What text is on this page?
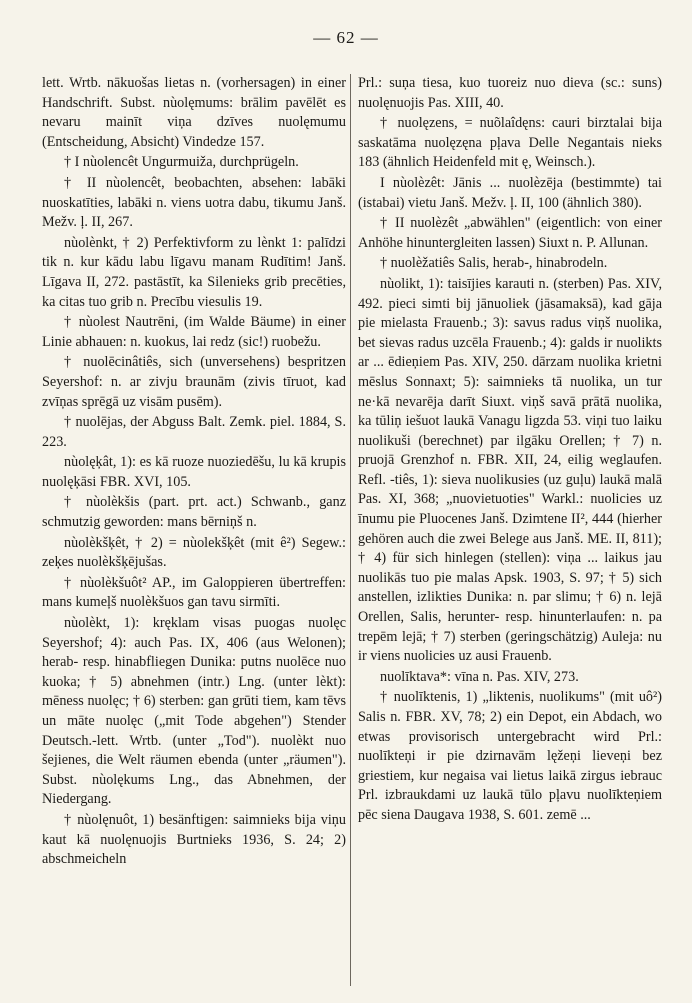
— 62 —

lett. Wrtb. nākuošas lietas n. (vorhersagen) in einer Handschrift. Subst. nùolęmums: brālim pavēlēt es nevaru mainīt viņa dzīves nuolęmumu (Entscheidung, Absicht) Vindedze 157.

† I nùolencêt Ungurmuiža, durchprügeln.

† II nùolencêt, beobachten, absehen: labāki nuoskatīties, labāki n. viens uotra dabu, tikumu Janš. Mežv. ļ. II, 267.

nùolènkt, † 2) Perfektivform zu lènkt 1: palīdzi tik n. kur kādu labu līgavu manam Rudītim! Janš. Līgava II, 272. pastāstīt, ka Silenieks grib precēties, ka citas tuo grib n. Precību viesulis 19.

† nùolest Nautrēni, (im Walde Bäume) in einer Linie abhauen: n. kuokus, lai redz (sic!) ruobežu.

† nuolēcinâtiês, sich (unversehens) bespritzen Seyershof: n. ar zivju braunām (zivis tīruot, kad zvīņas sprēgā uz visām pusēm).

† nuolējas, der Abguss Balt. Zemk. piel. 1884, S. 223.

nùolęķât, 1): es kā ruoze nuoziedēšu, lu kā krupis nuolęķāsi FBR. XVI, 105.

† nùolèkšis (part. prt. act.) Schwanb., ganz schmutzig geworden: mans bērniņš n.

nùolèkšķêt, † 2) = nùolekšķêt (mit ê²) Segew.: zeķes nuolèkšķējušas.

† nùolèkšuôt² AP., im Galoppieren übertreffen: mans kumeļš nuolèkšuos gan tavu sirmīti.

nùolèkt, 1): kręklam visas puogas nuolęc Seyershof; 4): auch Pas. IX, 406 (aus Welonen); herab- resp. hinabfliegen Dunika: putns nuolēce nuo kuoka; † 5) abnehmen (intr.) Lng. (unter lèkt): mēness nuolęc; † 6) sterben: gan grūti tiem, kam tēvs un māte nuolęc („mit Tode abgehen") Stender Deutsch.-lett. Wrtb. (unter „Tod"). nuolèkt nuo šejienes, die Welt räumen ebenda (unter „räumen"). Subst. nùolękums Lng., das Abnehmen, der Niedergang.

† nùolęnuôt, 1) besänftigen: saimnieks bija viņu kaut kā nuolęnuojis Burtnieks 1936, S. 24; 2) abschmeicheln

Prl.: suņa tiesa, kuo tuoreiz nuo dieva (sc.: suns) nuolęnuojis Pas. XIII, 40.

† nuolęzens, = nuõlaîdęns: cauri birztalai bija saskatāma nuolęzęna pļava Delle Negantais nieks 183 (ähnlich Heidenfeld mit ę, Weinsch.).

I nùolèzêt: Jānis ... nuolèzēja (bestimmte) tai (istabai) vietu Janš. Mežv. ļ. II, 100 (ähnlich 380).

† II nuolèzêt „abwählen" (eigentlich: von einer Anhöhe hinuntergleiten lassen) Siuxt n. P. Allunan.

† nuolèžatiês Salis, herab-, hinabrodeln.

nùolikt, 1): taisījies karauti n. (sterben) Pas. XIV, 492. pieci simti bij jānuoliek (jāsamaksā), kad gāja pie mielasta Frauenb.; 3): savus radus viņš nuolika, bet sievas radus uzcēla Frauenb.; 4): galds ir nuolikts ar ... ēdieņiem Pas. XIV, 250. dārzam nuolika krietni mēslus Sonnaxt; 5): saimnieks tā nuolika, un tur ne·kā nevarēja darīt Siuxt. viņš savā prātā nuolika, ka tūliņ iešuot laukā Vanagu ligzda 53. viņi tuo laiku nuolikuši (berechnet) par ilgāku Orellen; † 7) n. pruojā Grenzhof n. FBR. XII, 24, eilig weglaufen. Refl. -tiês, 1): sieva nuolikusies (uz guļu) laukā malā Pas. XI, 368; „nuovietuoties" Warkl.: nuolicies uz īnumu pie Pluocenes Janš. Dzimtene II², 444 (hierher gehören auch die zwei Belege aus Janš. ME. II, 811); † 4) für sich hinlegen (stellen): viņa ... laikus jau nuolikās tuo pie malas Apsk. 1903, S. 97; † 5) sich anstellen, izlikties Dunika: n. par slimu; † 6) n. lejā Orellen, Salis, herunter- resp. hinunterlaufen: n. pa trepēm lejā; † 7) sterben (geringschätzig) Auleja: nu ir viens nuolicies uz ausi Frauenb.

nuolīktava*: vīna n. Pas. XIV, 273.

† nuolīktenis, 1) „liktenis, nuolikums" (mit uô²) Salis n. FBR. XV, 78; 2) ein Depot, ein Abdach, wo etwas provisorisch untergebracht wird Prl.: nuolīkteņi ir pie dzirnavām lęžeņi lieveņi bez griestiem, kur negaisa vai lietus laikā zirgus iebrauc Prl. izbraukdami uz laukā tūlo pļavu nuolīkteņiem pēc siena Daugava 1938, S. 601. zemē ...
